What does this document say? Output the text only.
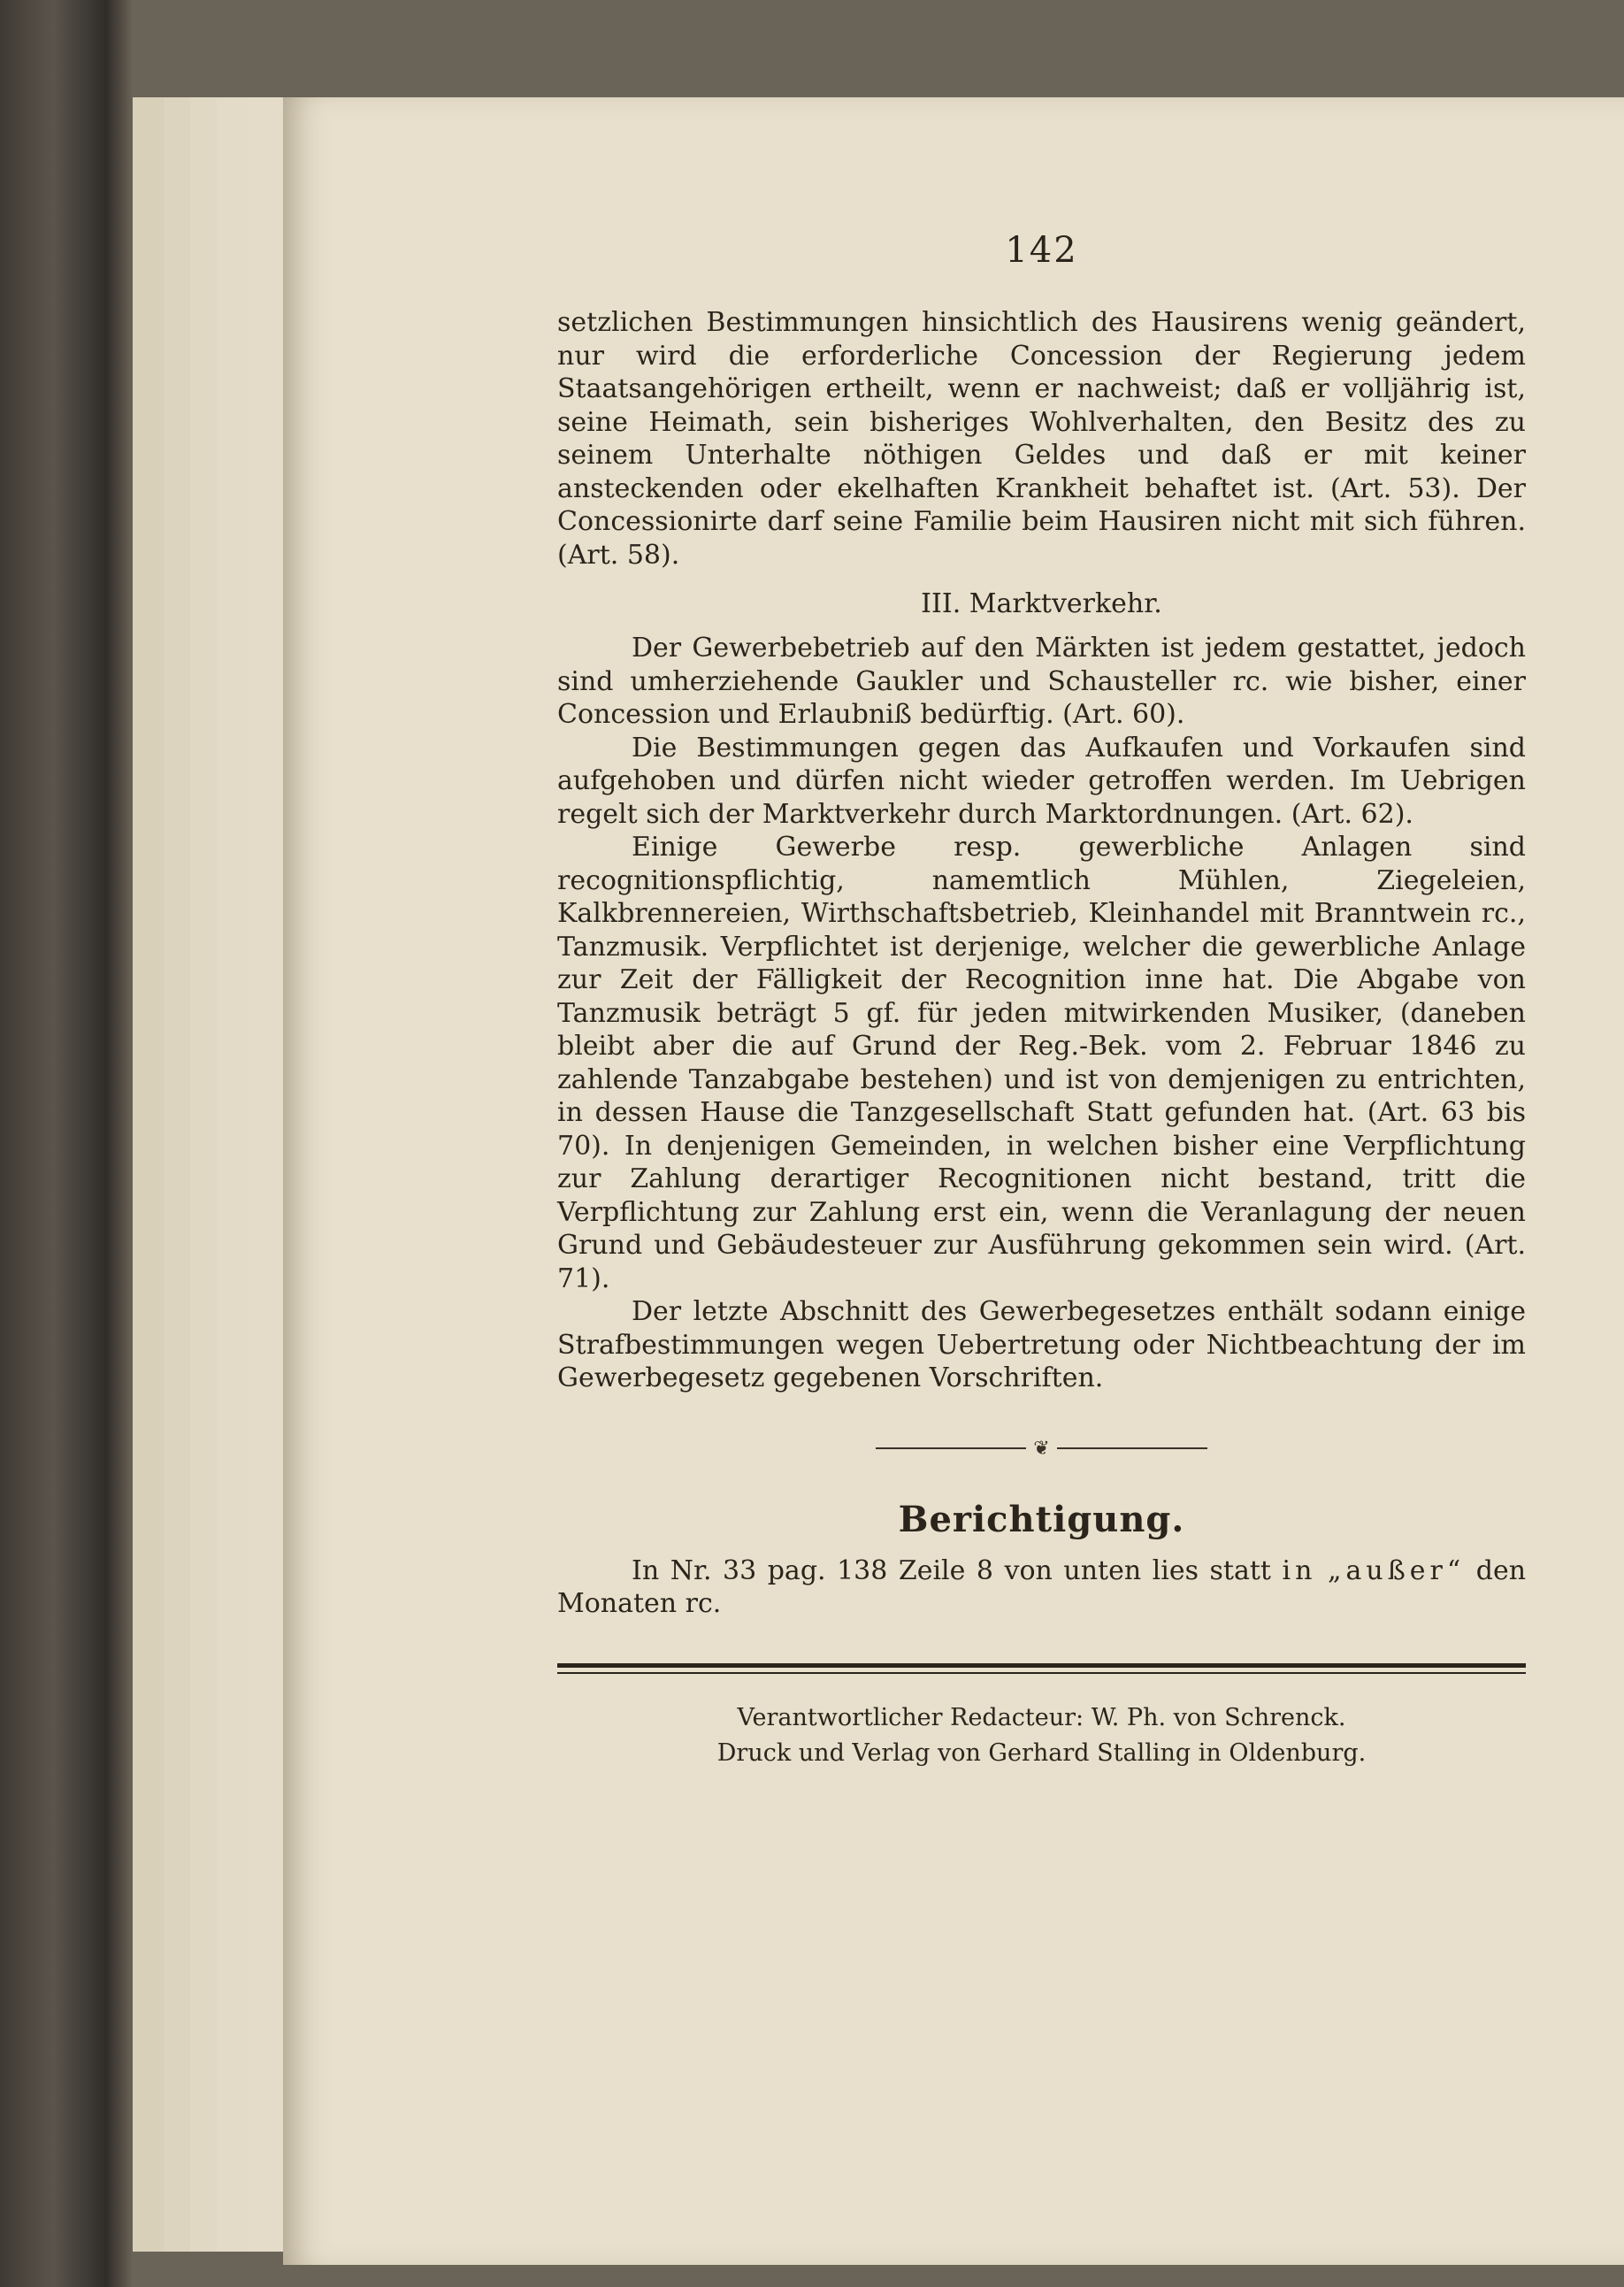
142

setzlichen Bestimmungen hinsichtlich des Hausirens wenig geändert, nur wird die erforderliche Concession der Regierung jedem Staatsangehörigen ertheilt, wenn er nachweist; daß er volljährig ist, seine Heimath, sein bisheriges Wohlverhalten, den Besitz des zu seinem Unterhalte nöthigen Geldes und daß er mit keiner ansteckenden oder ekelhaften Krankheit behaftet ist. (Art. 53). Der Concessionirte darf seine Familie beim Hausiren nicht mit sich führen. (Art. 58).

III. Marktverkehr.

Der Gewerbebetrieb auf den Märkten ist jedem gestattet, jedoch sind umherziehende Gaukler und Schausteller rc. wie bisher, einer Concession und Erlaubniß bedürftig. (Art. 60).

Die Bestimmungen gegen das Aufkaufen und Vorkaufen sind aufgehoben und dürfen nicht wieder getroffen werden. Im Uebrigen regelt sich der Marktverkehr durch Marktordnungen. (Art. 62).

Einige Gewerbe resp. gewerbliche Anlagen sind recognitionspflichtig, namemtlich Mühlen, Ziegeleien, Kalkbrennereien, Wirthschaftsbetrieb, Kleinhandel mit Branntwein rc., Tanzmusik. Verpflichtet ist derjenige, welcher die gewerbliche Anlage zur Zeit der Fälligkeit der Recognition inne hat. Die Abgabe von Tanzmusik beträgt 5 gf. für jeden mitwirkenden Musiker, (daneben bleibt aber die auf Grund der Reg.-Bek. vom 2. Februar 1846 zu zahlende Tanzabgabe bestehen) und ist von demjenigen zu entrichten, in dessen Hause die Tanzgesellschaft Statt gefunden hat. (Art. 63 bis 70). In denjenigen Gemeinden, in welchen bisher eine Verpflichtung zur Zahlung derartiger Recognitionen nicht bestand, tritt die Verpflichtung zur Zahlung erst ein, wenn die Veranlagung der neuen Grund und Gebäudesteuer zur Ausführung gekommen sein wird. (Art. 71).

Der letzte Abschnitt des Gewerbegesetzes enthält sodann einige Strafbestimmungen wegen Uebertretung oder Nichtbeachtung der im Gewerbegesetz gegebenen Vorschriften.

❦
Berichtigung.

In Nr. 33 pag. 138 Zeile 8 von unten lies statt in „außer“ den Monaten rc.

Verantwortlicher Redacteur: W. Ph. von Schrenck.

Druck und Verlag von Gerhard Stalling in Oldenburg.
